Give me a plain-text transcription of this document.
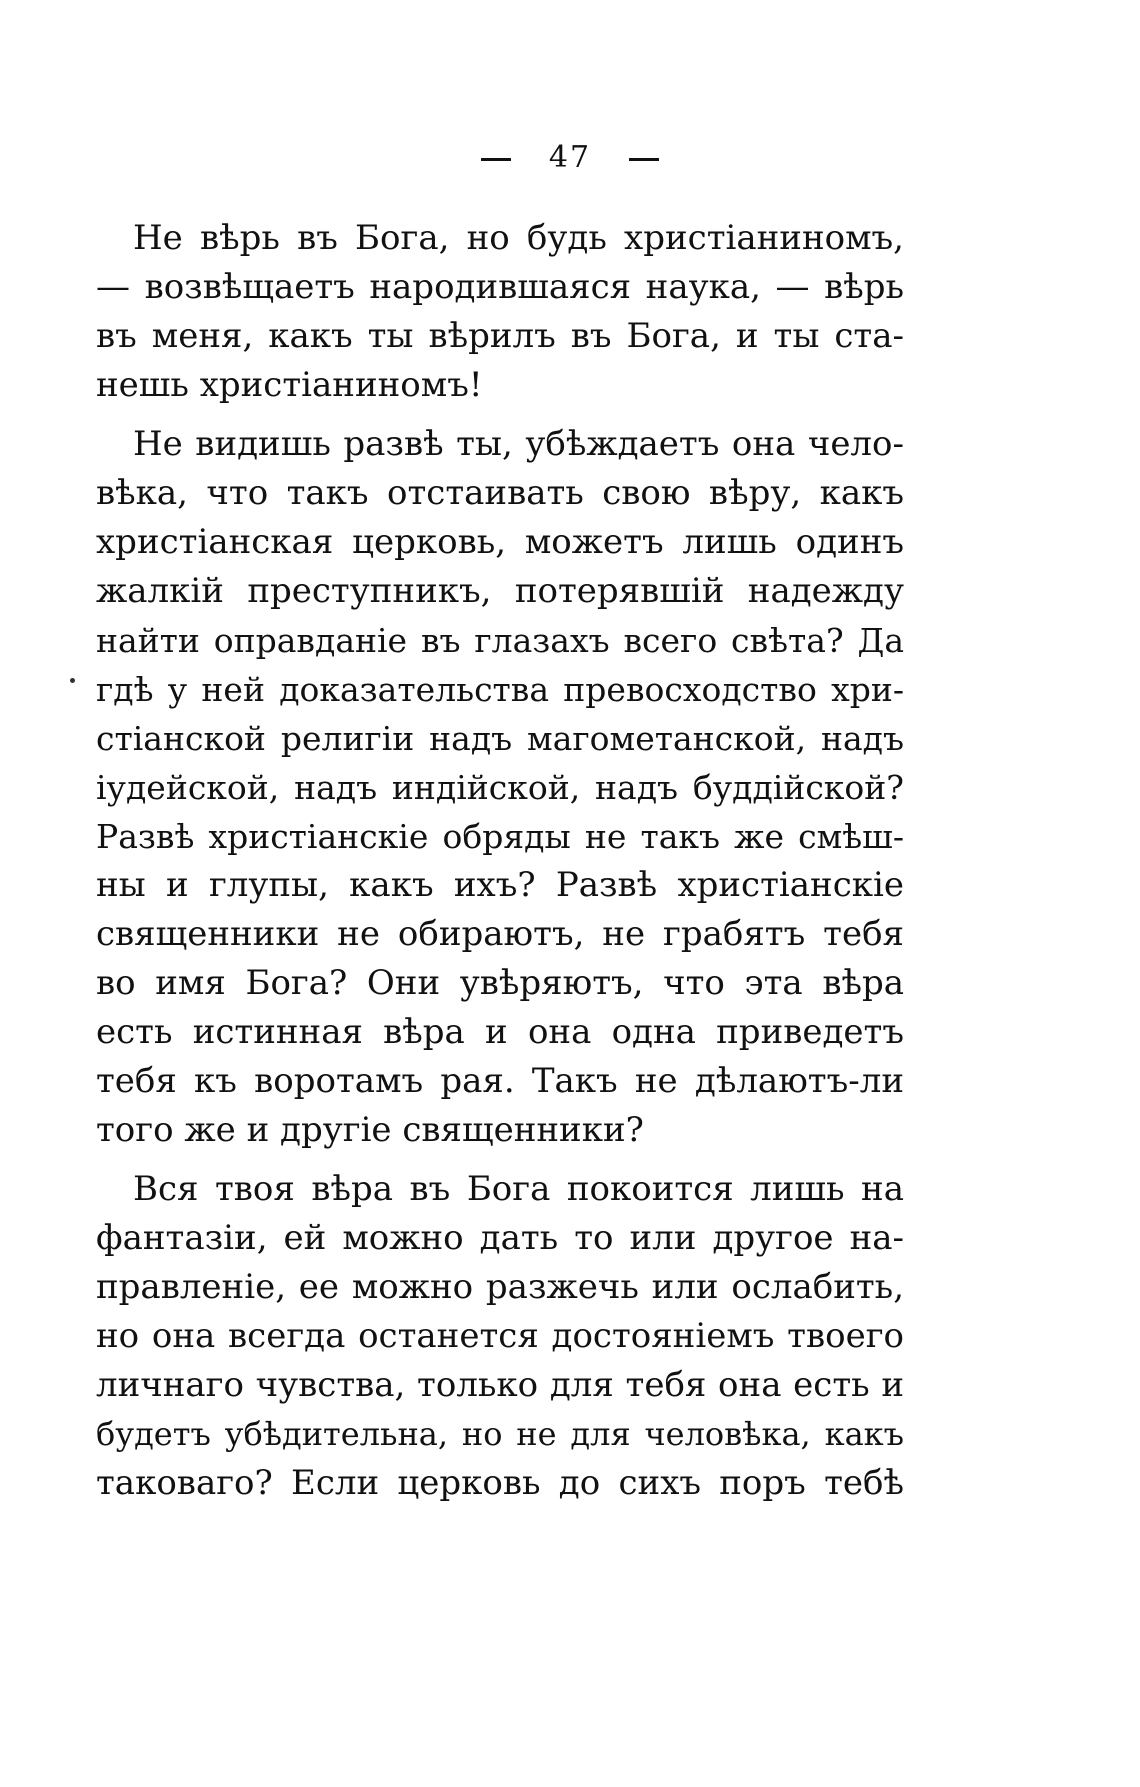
47
Не вѣрь въ Бога, но будь христіаниномъ,
— возвѣщаетъ народившаяся наука, — вѣрь
въ меня, какъ ты вѣрилъ въ Бога, и ты ста-
нешь христіаниномъ!
Не видишь развѣ ты, убѣждаетъ она чело-
вѣка, что такъ отстаивать свою вѣру, какъ
христіанская церковь, можетъ лишь одинъ
жалкій преступникъ, потерявшій надежду
найти оправданіе въ глазахъ всего свѣта? Да
гдѣ у ней доказательства превосходство хри-
стіанской религіи надъ магометанской, надъ
іудейской, надъ индійской, надъ буддійской?
Развѣ христіанскіе обряды не такъ же смѣш-
ны и глупы, какъ ихъ? Развѣ христіанскіе
священники не обираютъ, не грабятъ тебя
во имя Бога? Они увѣряютъ, что эта вѣра
есть истинная вѣра и она одна приведетъ
тебя къ воротамъ рая. Такъ не дѣлаютъ-ли
того же и другіе священники?
Вся твоя вѣра въ Бога покоится лишь на
фантазіи, ей можно дать то или другое на-
правленіе, ее можно разжечь или ослабить,
но она всегда останется достояніемъ твоего
личнаго чувства, только для тебя она есть и
будетъ убѣдительна, но не для человѣка, какъ
таковаго? Если церковь до сихъ поръ тебѣ
